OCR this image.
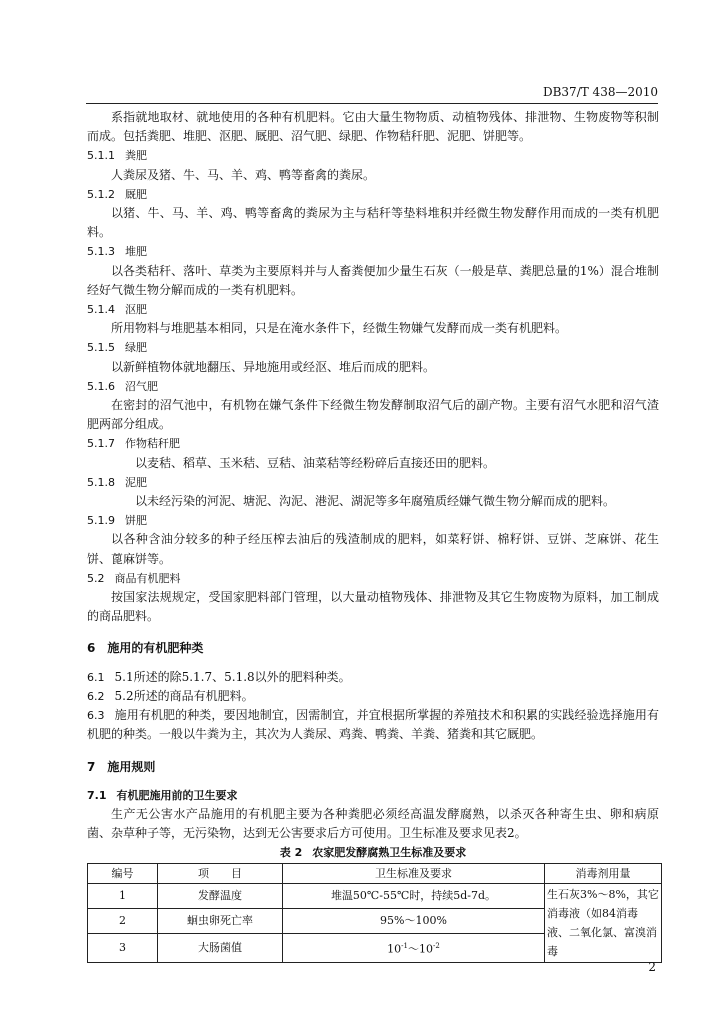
DB37/T 438—2010

系指就地取材、就地使用的各种有机肥料。它由大量生物物质、动植物残体、排泄物、生物废物等积制而成。包括粪肥、堆肥、沤肥、厩肥、沼气肥、绿肥、作物秸秆肥、泥肥、饼肥等。

5.1.1 粪肥

人粪尿及猪、牛、马、羊、鸡、鸭等畜禽的粪尿。

5.1.2 厩肥

以猪、牛、马、羊、鸡、鸭等畜禽的粪尿为主与秸秆等垫料堆积并经微生物发酵作用而成的一类有机肥料。

5.1.3 堆肥

以各类秸秆、落叶、草类为主要原料并与人畜粪便加少量生石灰（一般是草、粪肥总量的1%）混合堆制经好气微生物分解而成的一类有机肥料。

5.1.4 沤肥

所用物料与堆肥基本相同，只是在淹水条件下，经微生物嫌气发酵而成一类有机肥料。

5.1.5 绿肥

以新鲜植物体就地翻压、异地施用或经沤、堆后而成的肥料。

5.1.6 沼气肥

在密封的沼气池中，有机物在嫌气条件下经微生物发酵制取沼气后的副产物。主要有沼气水肥和沼气渣肥两部分组成。

5.1.7 作物秸秆肥

以麦秸、稻草、玉米秸、豆秸、油菜秸等经粉碎后直接还田的肥料。

5.1.8 泥肥

以未经污染的河泥、塘泥、沟泥、港泥、湖泥等多年腐殖质经嫌气微生物分解而成的肥料。

5.1.9 饼肥

以各种含油分较多的种子经压榨去油后的残渣制成的肥料，如菜籽饼、棉籽饼、豆饼、芝麻饼、花生饼、蓖麻饼等。

5.2 商品有机肥料

按国家法规规定，受国家肥料部门管理，以大量动植物残体、排泄物及其它生物废物为原料，加工制成的商品肥料。

6 施用的有机肥种类

6.1 5.1所述的除5.1.7、5.1.8以外的肥料种类。

6.2 5.2所述的商品有机肥料。

6.3 施用有机肥的种类，要因地制宜，因需制宜，并宜根据所掌握的养殖技术和积累的实践经验选择施用有机肥的种类。一般以牛粪为主，其次为人粪尿、鸡粪、鸭粪、羊粪、猪粪和其它厩肥。

7 施用规则

7.1 有机肥施用前的卫生要求

生产无公害水产品施用的有机肥主要为各种粪肥必须经高温发酵腐熟，以杀灭各种寄生虫、卵和病原菌、杂草种子等，无污染物，达到无公害要求后方可使用。卫生标准及要求见表2。

表 2 农家肥发酵腐熟卫生标准及要求

编号	项　　目	卫生标准及要求	消毒剂用量
1	发酵温度	堆温50℃-55℃时，持续5d-7d。	生石灰3%～8%，其它消毒液（如84消毒液、二氧化氯、富溴消毒
2	蛔虫卵死亡率	95%～100%	
3	大肠菌值	$10^{-1}\sim 10^{-2}$
2
